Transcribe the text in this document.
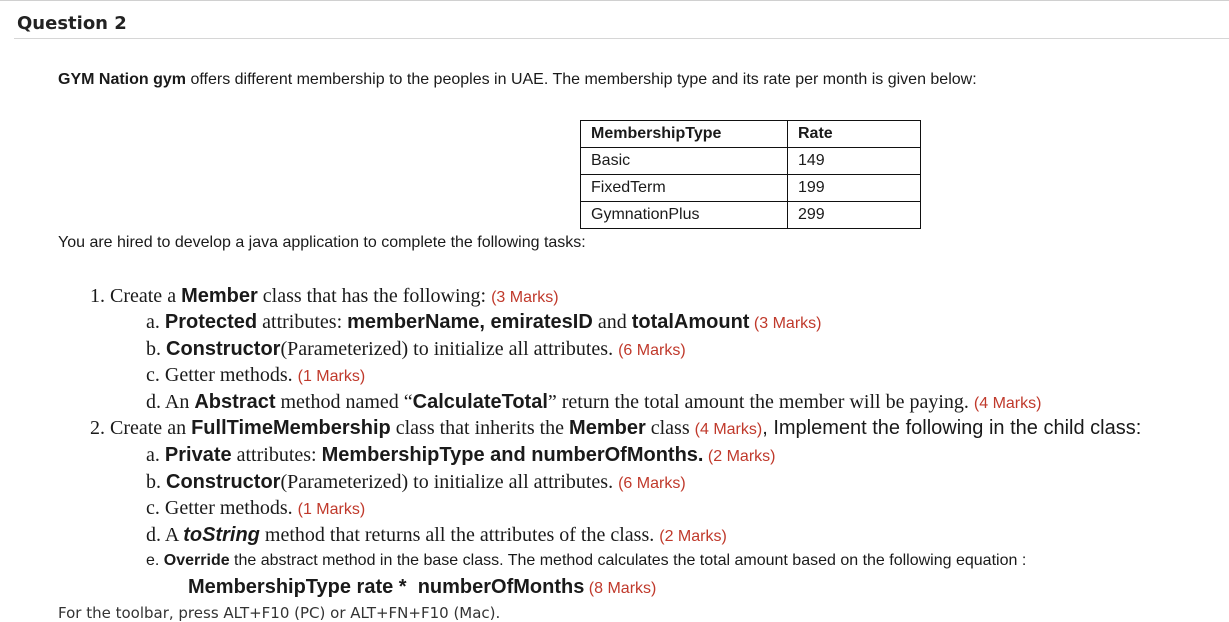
Question 2
GYM Nation gym offers different membership to the peoples in UAE. The membership type and its rate per month is given below:
MembershipType	Rate
Basic	149
FixedTerm	199
GymnationPlus	299
You are hired to develop a java application to complete the following tasks:
1. Create a Member class that has the following: (3 Marks)
a. Protected attributes: memberName, emiratesID and totalAmount (3 Marks)
b. Constructor(Parameterized) to initialize all attributes. (6 Marks)
c. Getter methods. (1 Marks)
d. An Abstract method named “CalculateTotal” return the total amount the member will be paying. (4 Marks)
2. Create an FullTimeMembership class that inherits the Member class (4 Marks), Implement the following in the child class:
a. Private attributes: MembershipType and numberOfMonths. (2 Marks)
b. Constructor(Parameterized) to initialize all attributes. (6 Marks)
c. Getter methods. (1 Marks)
d. A toString method that returns all the attributes of the class. (2 Marks)
e. Override the abstract method in the base class. The method calculates the total amount based on the following equation :
MembershipType rate *  numberOfMonths (8 Marks)
For the toolbar, press ALT+F10 (PC) or ALT+FN+F10 (Mac).
